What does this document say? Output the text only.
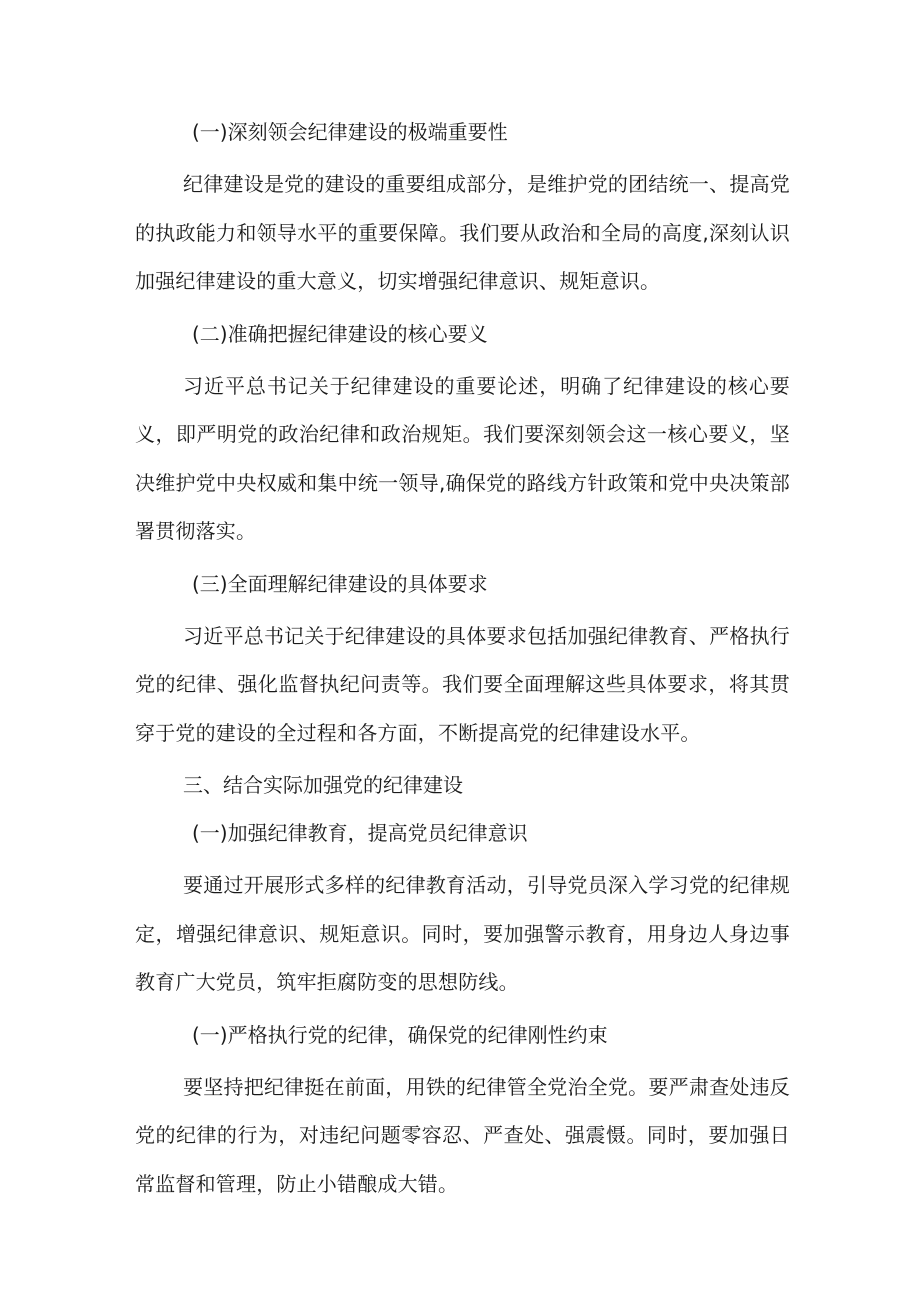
(一)深刻领会纪律建设的极端重要性
纪律建设是党的建设的重要组成部分，是维护党的团结统一、提高党的执政能力和领导水平的重要保障。我们要从政治和全局的高度,深刻认识加强纪律建设的重大意义，切实增强纪律意识、规矩意识。
(二)准确把握纪律建设的核心要义
习近平总书记关于纪律建设的重要论述，明确了纪律建设的核心要义，即严明党的政治纪律和政治规矩。我们要深刻领会这一核心要义，坚决维护党中央权威和集中统一领导,确保党的路线方针政策和党中央决策部署贯彻落实。
(三)全面理解纪律建设的具体要求
习近平总书记关于纪律建设的具体要求包括加强纪律教育、严格执行党的纪律、强化监督执纪问责等。我们要全面理解这些具体要求，将其贯穿于党的建设的全过程和各方面，不断提高党的纪律建设水平。
三、结合实际加强党的纪律建设
(一)加强纪律教育，提高党员纪律意识
要通过开展形式多样的纪律教育活动，引导党员深入学习党的纪律规定，增强纪律意识、规矩意识。同时，要加强警示教育，用身边人身边事教育广大党员，筑牢拒腐防变的思想防线。
(一)严格执行党的纪律，确保党的纪律刚性约束
要坚持把纪律挺在前面，用铁的纪律管全党治全党。要严肃查处违反党的纪律的行为，对违纪问题零容忍、严查处、强震慑。同时，要加强日常监督和管理，防止小错酿成大错。
